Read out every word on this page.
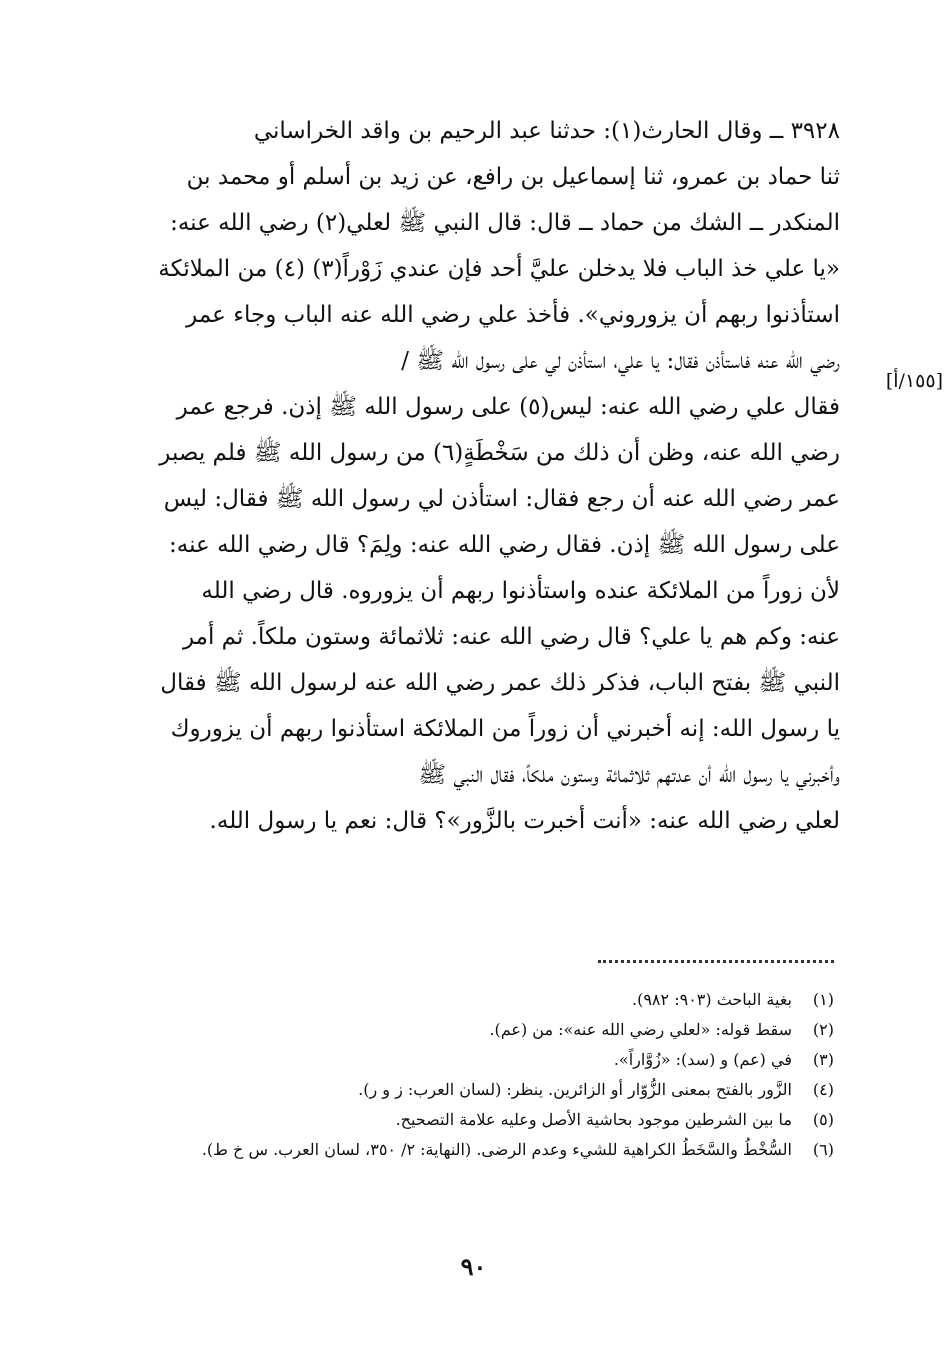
٣٩٢٨ ــ وقال الحارث(١): حدثنا عبد الرحيم بن واقد الخراساني
ثنا حماد بن عمرو، ثنا إسماعيل بن رافع، عن زيد بن أسلم أو محمد بن
المنكدر ــ الشك من حماد ــ قال: قال النبي ﷺ لعلي(٢) رضي الله عنه:
«يا علي خذ الباب فلا يدخلن عليَّ أحد فإن عندي زَوْراً(٣) (٤) من الملائكة
استأذنوا ربهم أن يزوروني». فأخذ علي رضي الله عنه الباب وجاء عمر
رضي الله عنه فاستأذن فقال: يا علي، استأذن لي على رسول الله ﷺ /
فقال علي رضي الله عنه: ليس(٥) على رسول الله ﷺ إذن. فرجع عمر
رضي الله عنه، وظن أن ذلك من سَخْطَةٍ(٦) من رسول الله ﷺ فلم يصبر
عمر رضي الله عنه أن رجع فقال: استأذن لي رسول الله ﷺ فقال: ليس
على رسول الله ﷺ إذن. فقال رضي الله عنه: ولِمَ؟ قال رضي الله عنه:
لأن زوراً من الملائكة عنده واستأذنوا ربهم أن يزوروه. قال رضي الله
عنه: وكم هم يا علي؟ قال رضي الله عنه: ثلاثمائة وستون ملكاً. ثم أمر
النبي ﷺ بفتح الباب، فذكر ذلك عمر رضي الله عنه لرسول الله ﷺ فقال
يا رسول الله: إنه أخبرني أن زوراً من الملائكة استأذنوا ربهم أن يزوروك
وأخبرني يا رسول الله أن عدتهم ثلاثمائة وستون ملكاً، فقال النبي ﷺ
لعلي رضي الله عنه: «أنت أخبرت بالزَّور»؟ قال: نعم يا رسول الله.
[١٥٥/أ]
(١)بغية الباحث (٩٠٣: ٩٨٢).
(٢)سقط قوله: «لعلي رضي الله عنه»: من (عم).
(٣)في (عم) و (سد): «زُوَّاراً».
(٤)الزَّور بالفتح بمعنى الزُّوّار أو الزائرين. ينظر: (لسان العرب: ز و ر).
(٥)ما بين الشرطين موجود بحاشية الأصل وعليه علامة التصحيح.
(٦)السُّخْطُ والسَّخَطُ الكراهية للشيء وعدم الرضى. (النهاية: ٢/ ٣٥٠، لسان العرب. س خ ط).
٩٠
